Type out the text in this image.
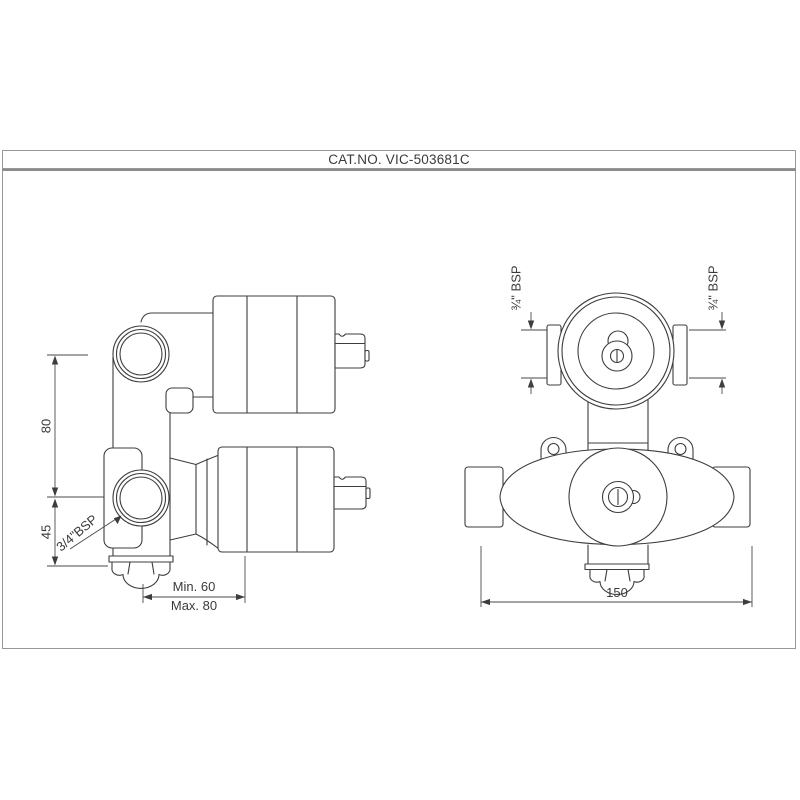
CAT.NO. VIC-503681C
80
45 3/4"BSP
Min. 60
Max. 80
¾" BSP	¾" BSP
150
